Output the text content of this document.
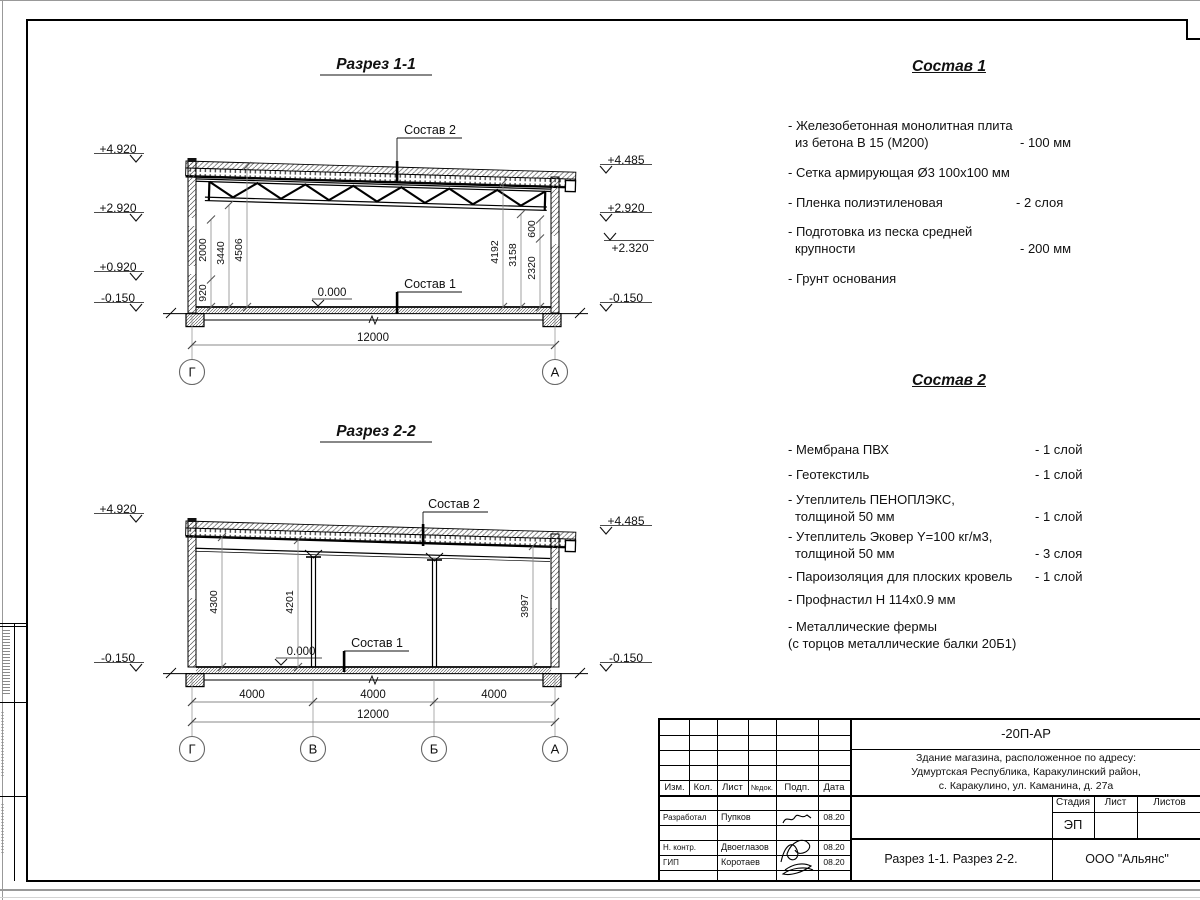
Разрез 1-1
+4.920
+2.920
+0.920
-0.150
+4.485
+2.920
+2.320
-0.150
0.000
Состав 2
Состав 1
920
2000 3440 4506	4192 3158
2320
600
12000
Г	А
Разрез 2-2
+4.920
-0.150
+4.485
-0.150
0.000
Состав 2
Состав 1
4300	4201	3997
4000	4000	4000
12000
Г	В	Б	А
Состав 1
- Железобетонная монолитная плита
из бетона В 15 (М200)	- 100 мм
- Сетка армирующая Ø3 100х100 мм
- Пленка полиэтиленовая	- 2 слоя
- Подготовка из песка средней
крупности	- 200 мм
- Грунт основания
Состав 2
- Мембрана ПВХ	- 1 слой
- Геотекстиль	- 1 слой
- Утеплитель ПЕНОПЛЭКС,
толщиной 50 мм	- 1 слой
- Утеплитель Эковер Y=100 кг/м3,
толщиной 50 мм	- 3 слоя
- Пароизоляция для плоских кровель - 1 слой
- Профнастил Н 114х0.9 мм
- Металлические фермы
(с торцов металлические балки 20Б1)
Изм. Кол.	Лист	№док.	Подп.	Дата
Разработал	Пупков	08.20
Н. контр.	Двоеглазов	08.20
ГИП	Коротаев	08.20
-20П-АР
Здание магазина, расположенное по адресу:
Удмуртская Республика, Каракулинский район,
с. Каракулино, ул. Каманина, д. 27а
Стадия	Лист	Листов
ЭП
Разрез 1-1. Разрез 2-2.	ООО "Альянс"
